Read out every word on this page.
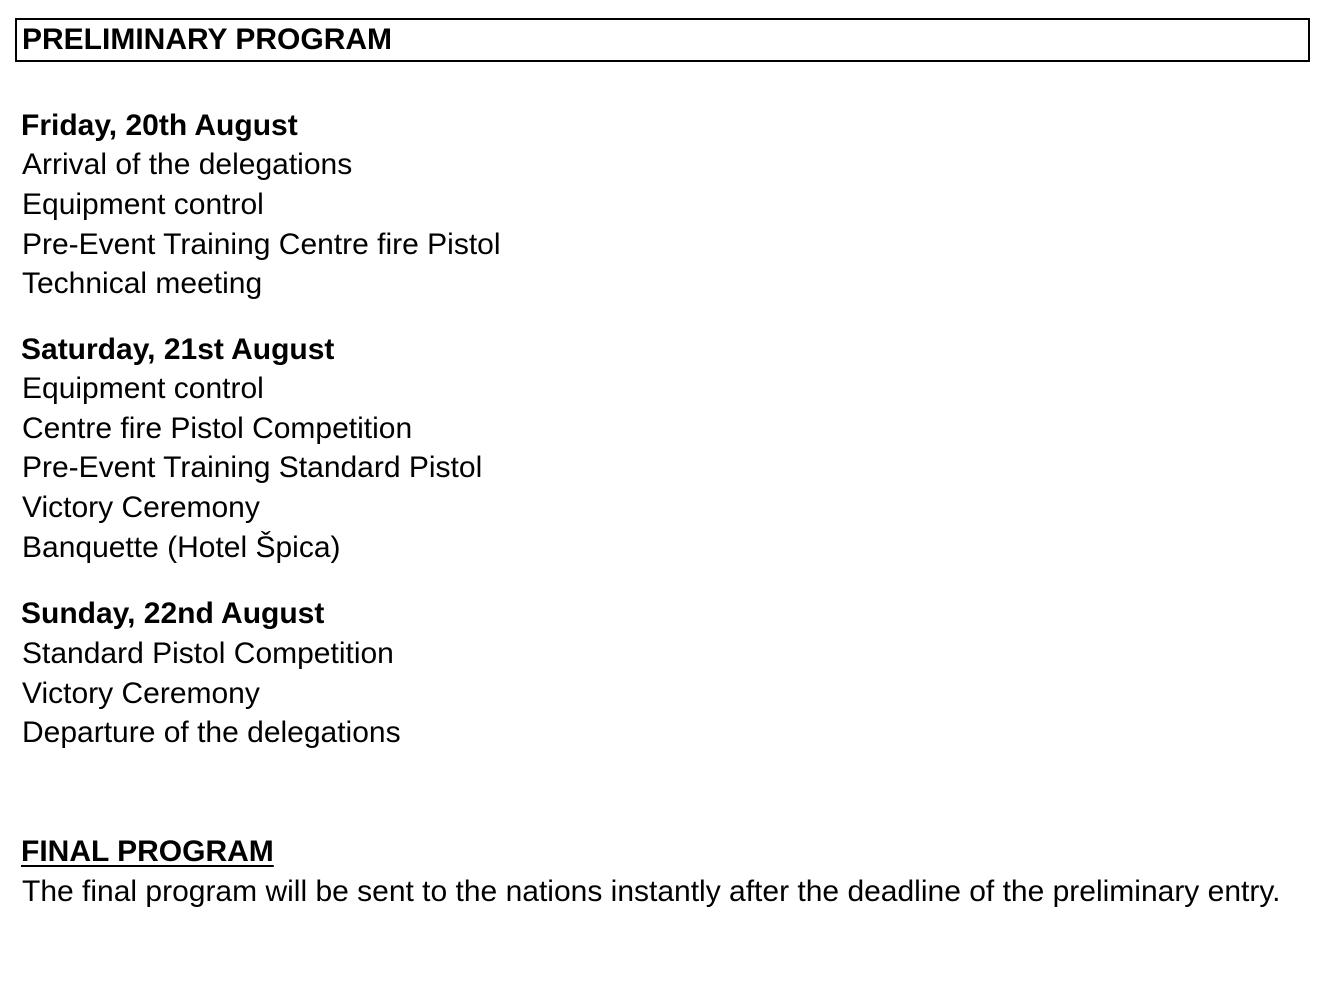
PRELIMINARY PROGRAM
Friday, 20th August
Arrival of the delegations
Equipment control
Pre-Event Training Centre fire Pistol
Technical meeting
Saturday, 21st August
Equipment control
Centre fire Pistol Competition
Pre-Event Training Standard Pistol
Victory Ceremony
Banquette (Hotel Špica)
Sunday, 22nd August
Standard Pistol Competition
Victory Ceremony
Departure of the delegations
FINAL PROGRAM

The final program will be sent to the nations instantly after the deadline of the preliminary entry.
